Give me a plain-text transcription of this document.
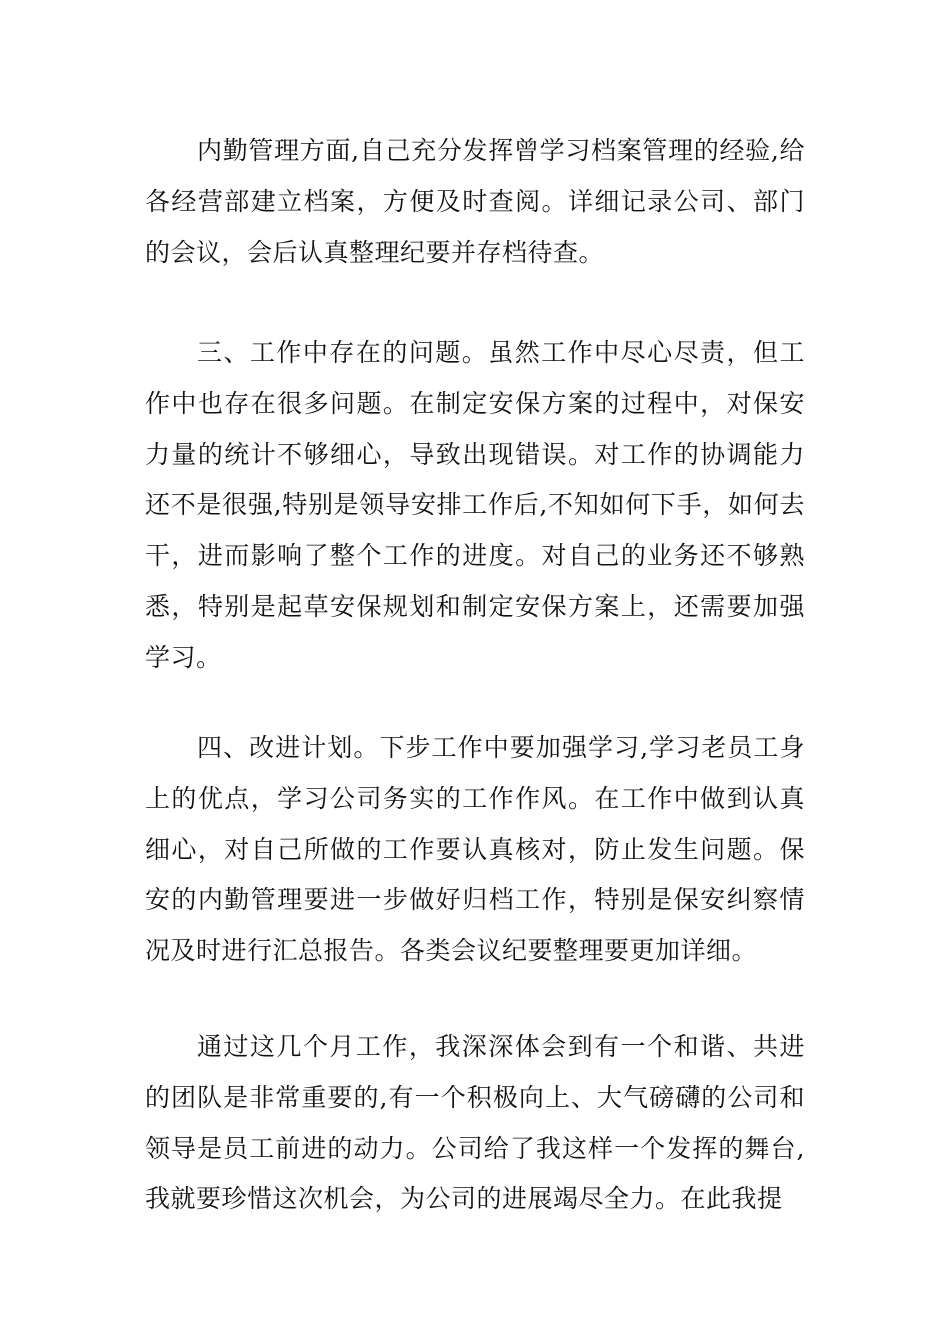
内勤管理方面,自己充分发挥曾学习档案管理的经验,给各经营部建立档案，方便及时查阅。详细记录公司、部门的会议，会后认真整理纪要并存档待查。

三、工作中存在的问题。虽然工作中尽心尽责，但工作中也存在很多问题。在制定安保方案的过程中，对保安力量的统计不够细心，导致出现错误。对工作的协调能力还不是很强,特别是领导安排工作后,不知如何下手，如何去干，进而影响了整个工作的进度。对自己的业务还不够熟悉，特别是起草安保规划和制定安保方案上，还需要加强学习。

四、改进计划。下步工作中要加强学习,学习老员工身上的优点，学习公司务实的工作作风。在工作中做到认真细心，对自己所做的工作要认真核对，防止发生问题。保安的内勤管理要进一步做好归档工作，特别是保安纠察情况及时进行汇总报告。各类会议纪要整理要更加详细。

通过这几个月工作，我深深体会到有一个和谐、共进的团队是非常重要的,有一个积极向上、大气磅礴的公司和领导是员工前进的动力。公司给了我这样一个发挥的舞台,我就要珍惜这次机会，为公司的进展竭尽全力。在此我提
